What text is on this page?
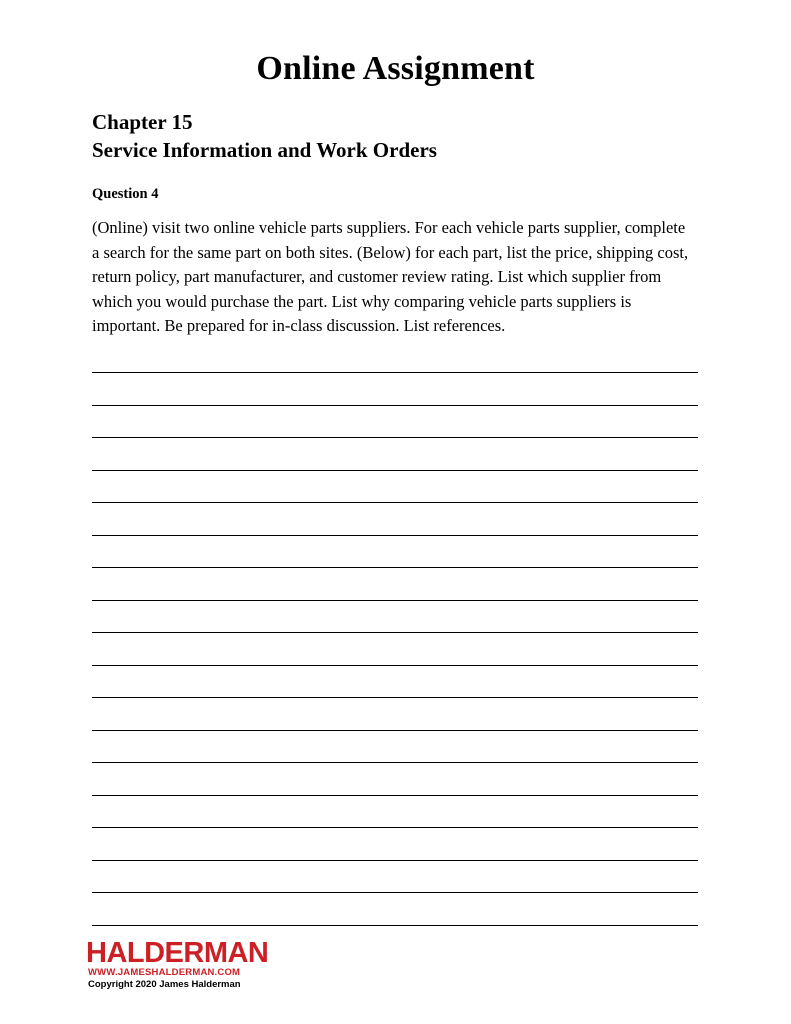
Online Assignment
Chapter 15
Service Information and Work Orders
Question 4
(Online) visit two online vehicle parts suppliers. For each vehicle parts supplier, complete a search for the same part on both sites. (Below) for each part, list the price, shipping cost, return policy, part manufacturer, and customer review rating. List which supplier from which you would purchase the part. List why comparing vehicle parts suppliers is important. Be prepared for in-class discussion. List references.
HALDERMAN
WWW.JAMESHALDERMAN.COM
Copyright 2020 James Halderman
